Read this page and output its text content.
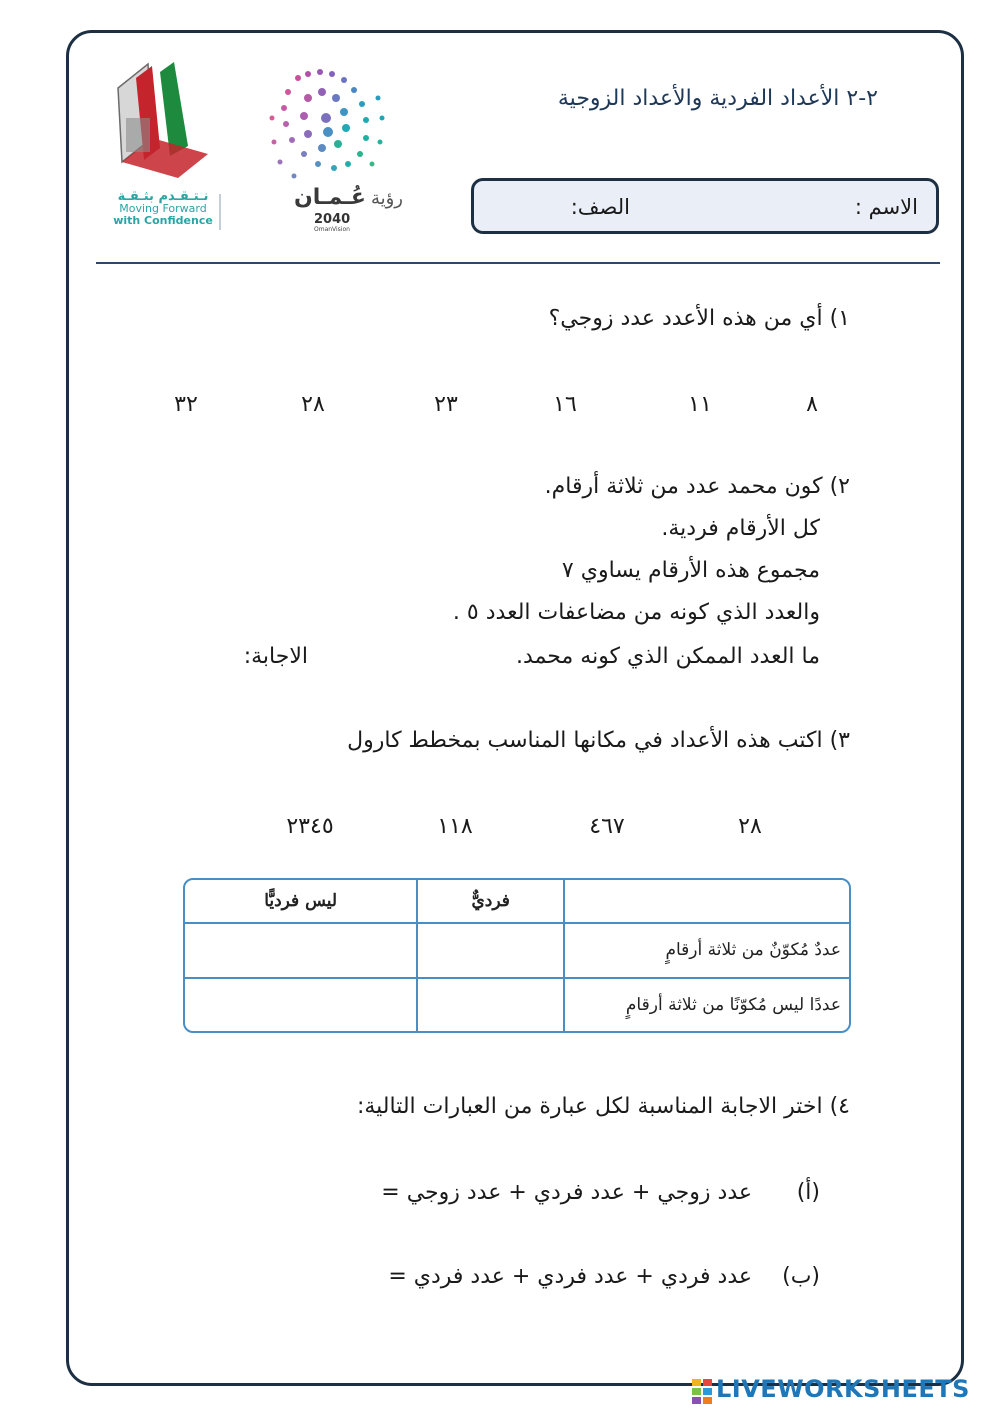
نـتـقـدم بثـقـة
Moving Forward
with Confidence
رؤية عُـمـان
2040
OmanVision
٢-٢ الأعداد الفردية والأعداد الزوجية
الاسم :
الصف:
١) أي من هذه الأعدد عدد زوجي؟
٨
١١
١٦
٢٣
٢٨
٣٢
٢) كون محمد عدد من ثلاثة أرقام.
كل الأرقام فردية.
مجموع هذه الأرقام يساوي ٧
والعدد الذي كونه من مضاعفات العدد ٥ .
ما العدد الممكن الذي كونه محمد.
الاجابة:
٣) اكتب هذه الأعداد في مكانها المناسب بمخطط كارول
٢٨
٤٦٧
١١٨
٢٣٤٥
	فرديٌّ	ليس فرديًّا
عددٌ مُكوّنٌ من ثلاثة أرقامٍ		
عددًا ليس مُكوّنًا من ثلاثة أرقامٍ		
٤) اختر الاجابة المناسبة لكل عبارة من العبارات التالية:
(أ)
عدد زوجي + عدد فردي + عدد زوجي =
(ب)
عدد فردي + عدد فردي + عدد فردي =
LIVEWORKSHEETS
